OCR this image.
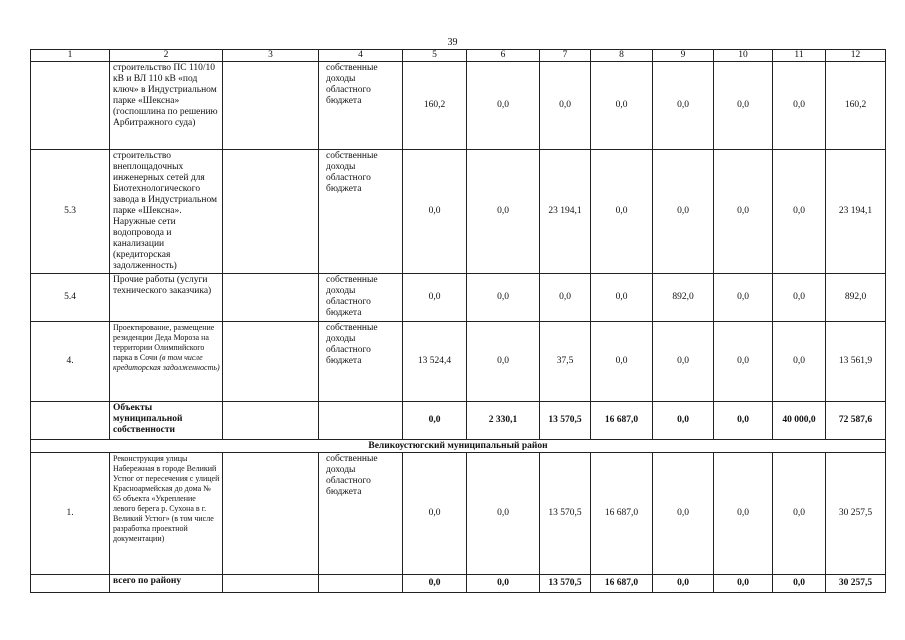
39
1	2	3	4	5	6	7	8	9	10	11	12
	строительство ПС 110/10 кВ и ВЛ 110 кВ «под ключ» в Индустриальном парке «Шексна» (госпошлина по решению Арбитражного суда)		собственные доходы областного бюджета	160,2	0,0	0,0	0,0	0,0	0,0	0,0	160,2
5.3	строительство внеплощадочных инженерных сетей для Биотехнологического завода в Индустриальном парке «Шексна». Наружные сети водопровода и канализации (кредиторская задолженность)		собственные доходы областного бюджета	0,0	0,0	23 194,1	0,0	0,0	0,0	0,0	23 194,1
5.4	Прочие работы (услуги технического заказчика)		собственные доходы областного бюджета	0,0	0,0	0,0	0,0	892,0	0,0	0,0	892,0
4.	Проектирование, размещение резиденции Деда Мороза на территории Олимпийского парка в Сочи (в том числе кредиторская задолженность)		собственные доходы областного бюджета	13 524,4	0,0	37,5	0,0	0,0	0,0	0,0	13 561,9
	Объекты муниципальной собственности			0,0	2 330,1	13 570,5	16 687,0	0,0	0,0	40 000,0	72 587,6
Великоустюгский муниципальный район											
1.	Реконструкция улицы Набережная в городе Великий Устюг от пересечения с улицей Красноармейская до дома № 65 объекта «Укрепление левого берега р. Сухона в г. Великий Устюг» (в том числе разработка проектной документации)		собственные доходы областного бюджета	0,0	0,0	13 570,5	16 687,0	0,0	0,0	0,0	30 257,5
	всего по району			0,0	0,0	13 570,5	16 687,0	0,0	0,0	0,0	30 257,5
